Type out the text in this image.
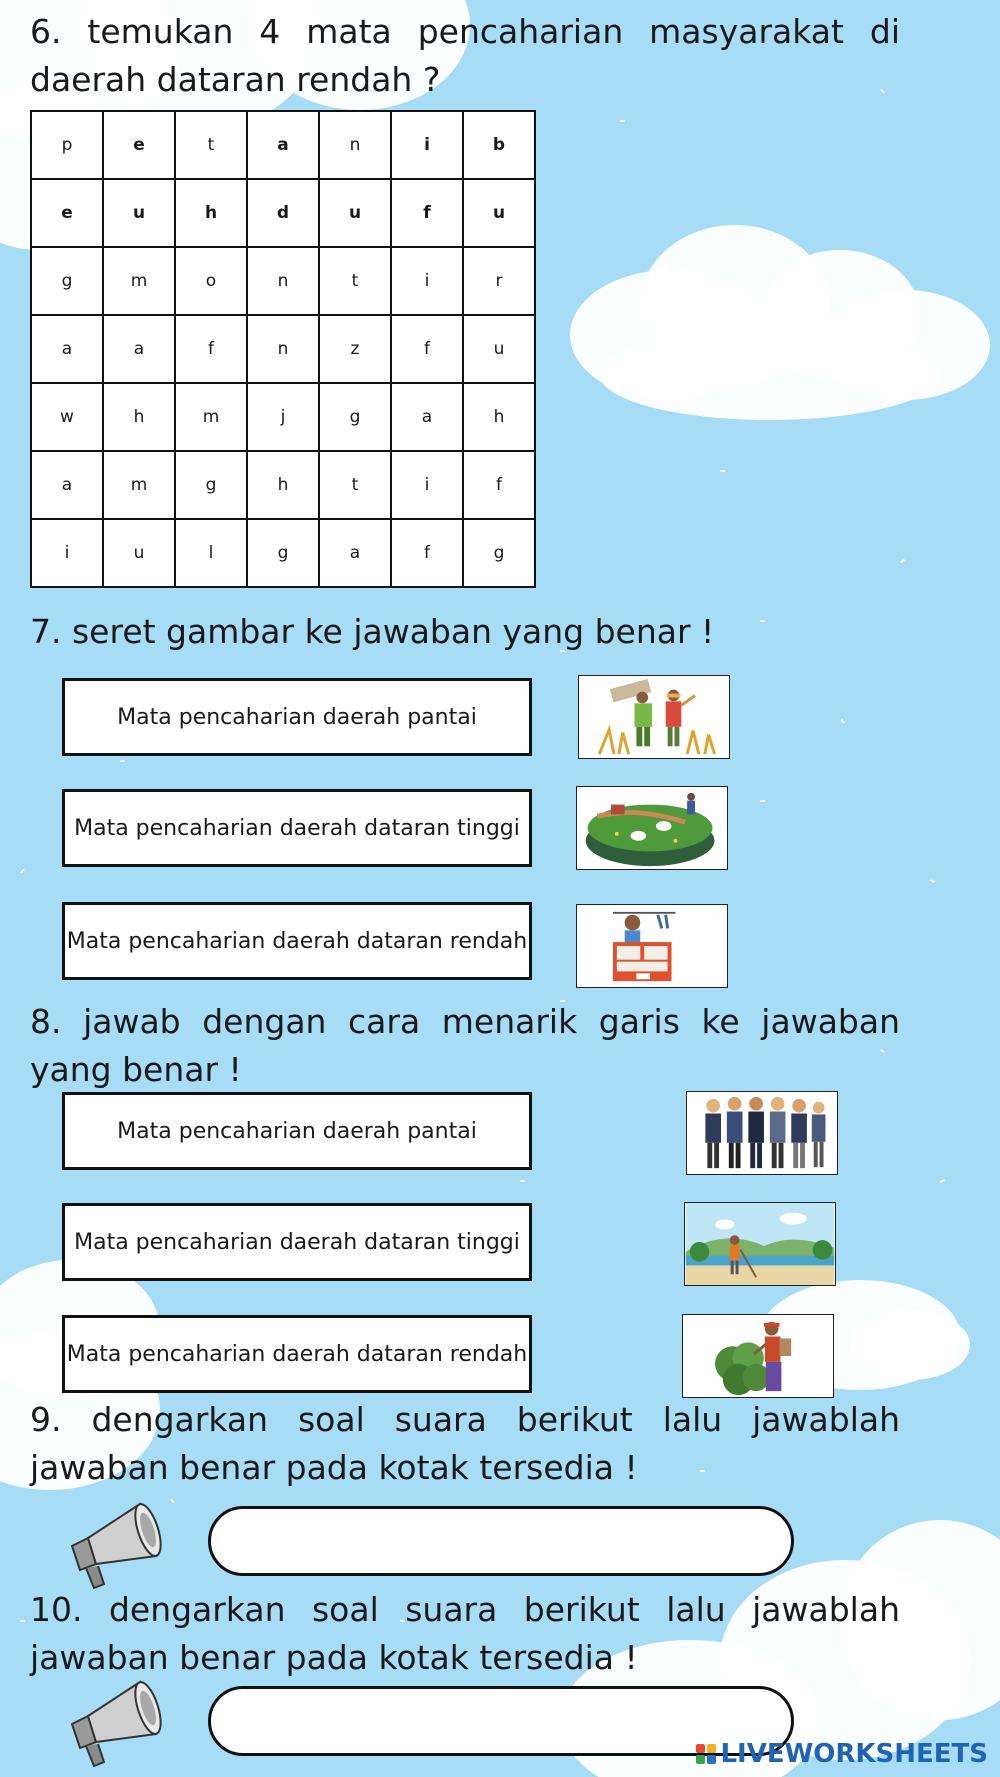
6. temukan 4 mata pencaharian masyarakat di daerah dataran rendah ?

p	e	t	a	n	i	b
e	u	h	d	u	f	u
g	m	o	n	t	i	r
a	a	f	n	z	f	u
w	h	m	j	g	a	h
a	m	g	h	t	i	f
i	u	l	g	a	f	g

7. seret gambar ke jawaban yang benar !

Mata pencaharian daerah pantai
Mata pencaharian daerah dataran tinggi
Mata pencaharian daerah dataran rendah

8. jawab dengan cara menarik garis ke jawaban yang benar !

Mata pencaharian daerah pantai
Mata pencaharian daerah dataran tinggi
Mata pencaharian daerah dataran rendah

9. dengarkan soal suara berikut lalu jawablah jawaban benar pada kotak tersedia !

10. dengarkan soal suara berikut lalu jawablah jawaban benar pada kotak tersedia !

LIVEWORKSHEETS
